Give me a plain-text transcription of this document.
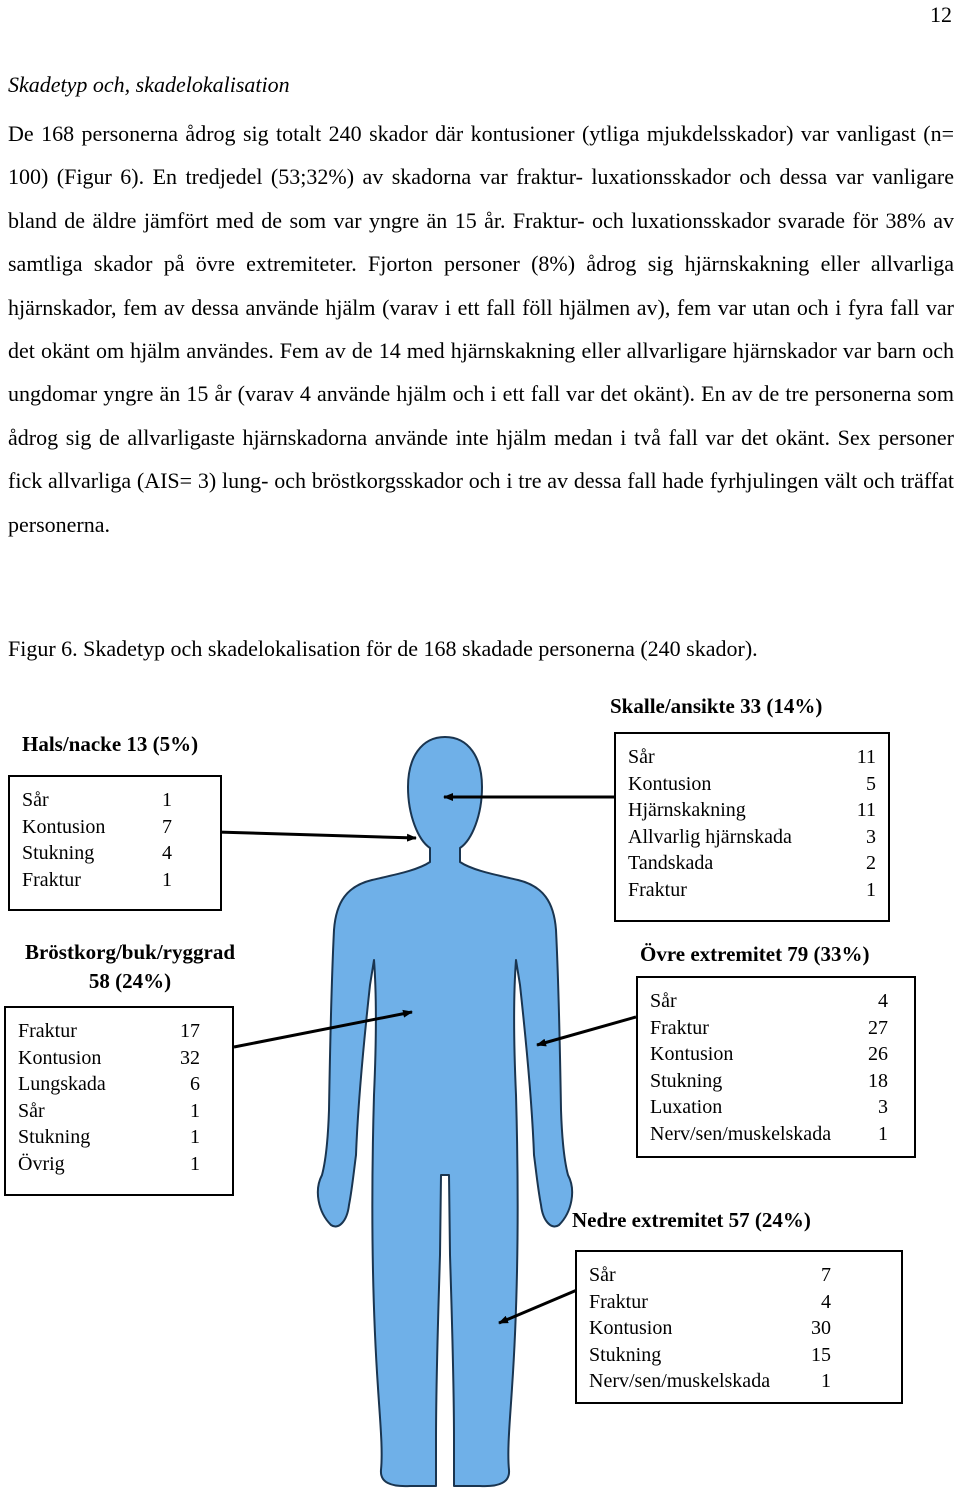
12
Skadetyp och, skadelokalisation

De 168 personerna ådrog sig totalt 240 skador där kontusioner (ytliga mjukdelsskador) var vanligast (n= 100) (Figur 6). En tredjedel (53;32%) av skadorna var fraktur- luxationsskador och dessa var vanligare bland de äldre jämfört med de som var yngre än 15 år. Fraktur- och luxationsskador svarade för 38% av samtliga skador på övre extremiteter. Fjorton personer (8%) ådrog sig hjärnskakning eller allvarliga hjärnskador, fem av dessa använde hjälm (varav i ett fall föll hjälmen av), fem var utan och i fyra fall var det okänt om hjälm användes. Fem av de 14 med hjärnskakning eller allvarligare hjärnskador var barn och ungdomar yngre än 15 år (varav 4 använde hjälm och i ett fall var det okänt). En av de tre personerna som ådrog sig de allvarligaste hjärnskadorna använde inte hjälm medan i två fall var det okänt. Sex personer fick allvarliga (AIS= 3) lung- och bröstkorgsskador och i tre av dessa fall hade fyrhjulingen vält och träffat personerna.

Figur 6. Skadetyp och skadelokalisation för de 168 skadade personerna (240 skador).
Skalle/ansikte 33 (14%)
Sår	11
Kontusion	5
Hjärnskakning	11
Allvarlig hjärnskada	3
Tandskada	2
Fraktur	1
Hals/nacke 13 (5%)
Sår	1
Kontusion	7
Stukning	4
Fraktur	1
Bröstkorg/buk/ryggrad
58 (24%)
Fraktur	17
Kontusion	32
Lungskada	6
Sår	1
Stukning	1
Övrig	1
Övre extremitet 79 (33%)
Sår	4
Fraktur	27
Kontusion	26
Stukning	18
Luxation	3
Nerv/sen/muskelskada 1
Nedre extremitet 57 (24%)
Sår	7
Fraktur	4
Kontusion	30
Stukning	15
Nerv/sen/muskelskada	1
